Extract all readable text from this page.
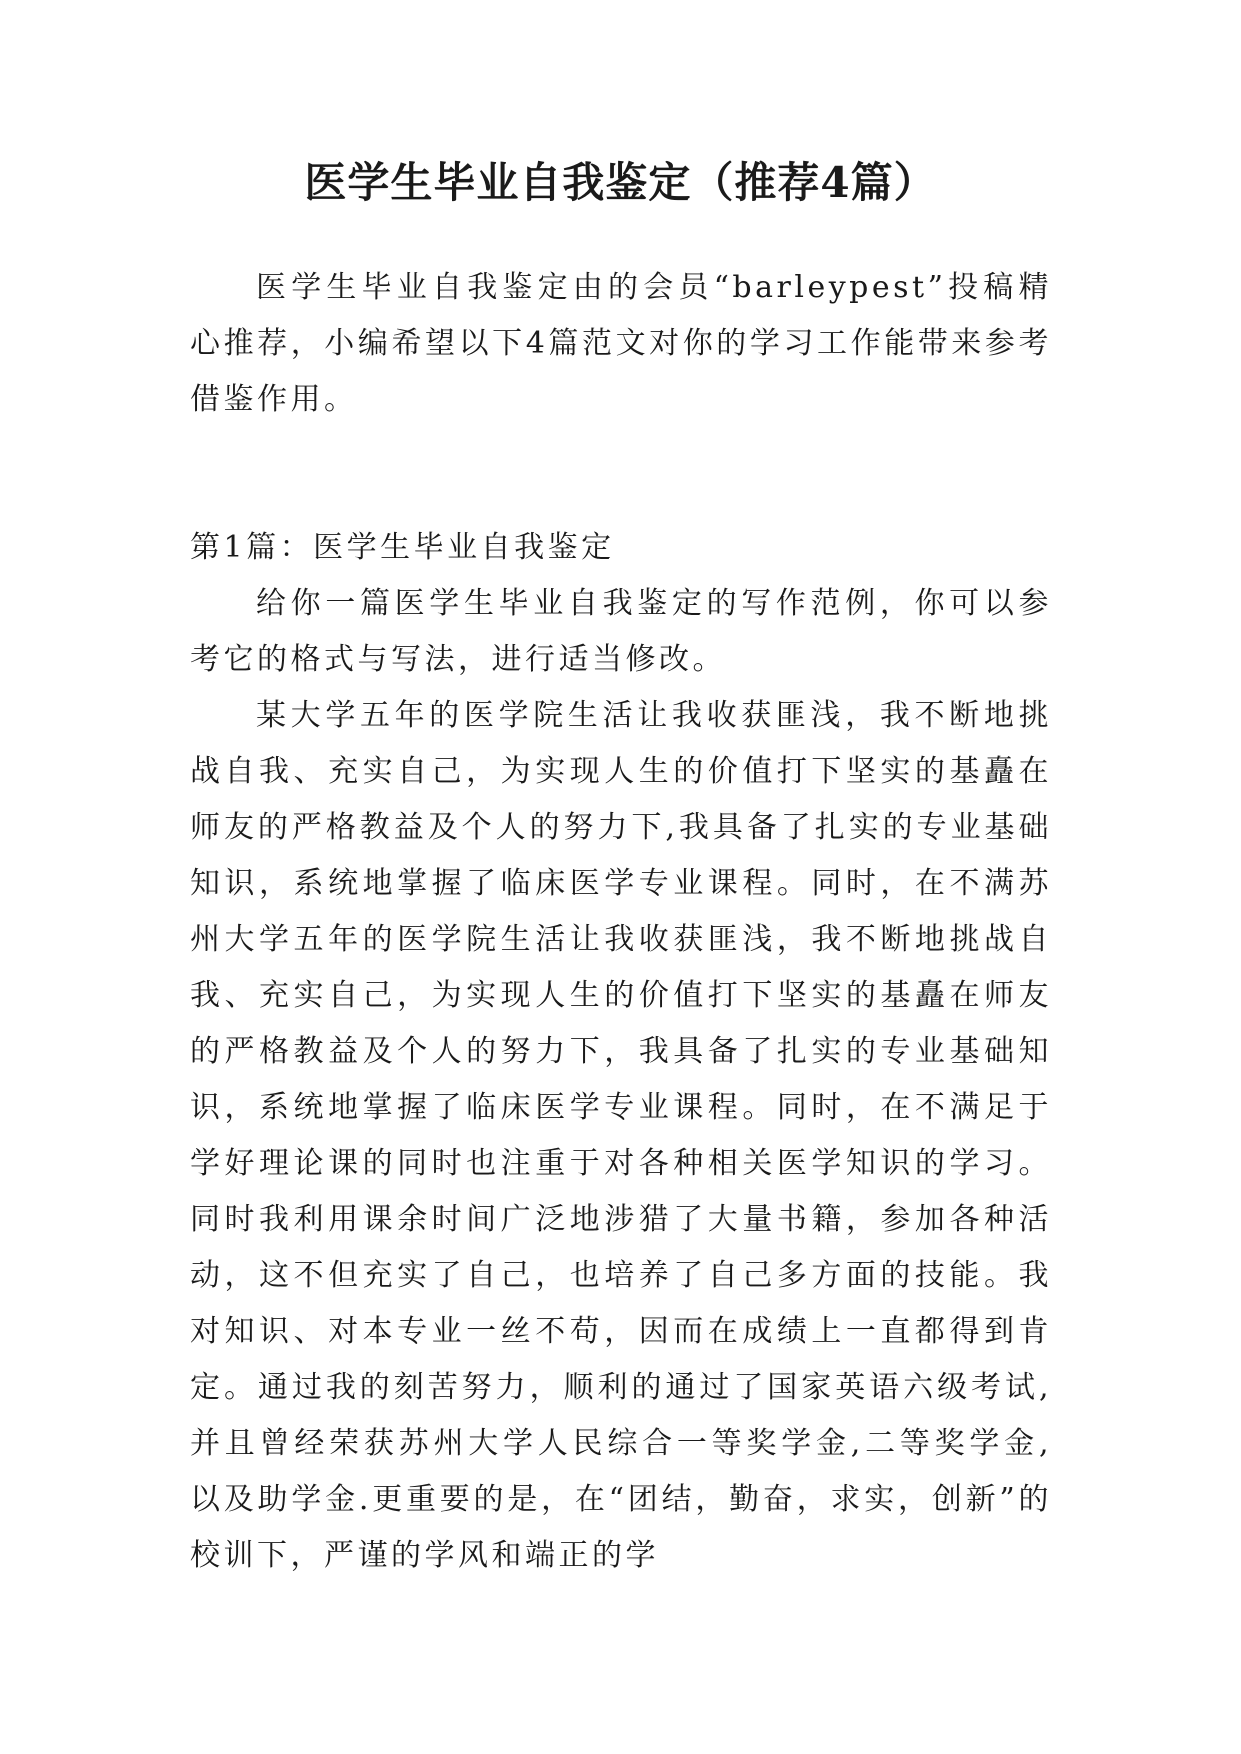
医学生毕业自我鉴定（推荐4篇）

医学生毕业自我鉴定由的会员“barleypest”投稿精心推荐，小编希望以下4篇范文对你的学习工作能带来参考借鉴作用。

第1篇：医学生毕业自我鉴定

给你一篇医学生毕业自我鉴定的写作范例，你可以参考它的格式与写法，进行适当修改。

某大学五年的医学院生活让我收获匪浅，我不断地挑战自我、充实自己，为实现人生的价值打下坚实的基矗在师友的严格教益及个人的努力下,我具备了扎实的专业基础知识，系统地掌握了临床医学专业课程。同时，在不满苏州大学五年的医学院生活让我收获匪浅，我不断地挑战自我、充实自己，为实现人生的价值打下坚实的基矗在师友的严格教益及个人的努力下，我具备了扎实的专业基础知识，系统地掌握了临床医学专业课程。同时，在不满足于学好理论课的同时也注重于对各种相关医学知识的学习。同时我利用课余时间广泛地涉猎了大量书籍，参加各种活动，这不但充实了自己，也培养了自己多方面的技能。我对知识、对本专业一丝不苟，因而在成绩上一直都得到肯定。通过我的刻苦努力，顺利的通过了国家英语六级考试,并且曾经荣获苏州大学人民综合一等奖学金,二等奖学金,以及助学金.更重要的是，在“团结，勤奋，求实，创新”的校训下，严谨的学风和端正的学
